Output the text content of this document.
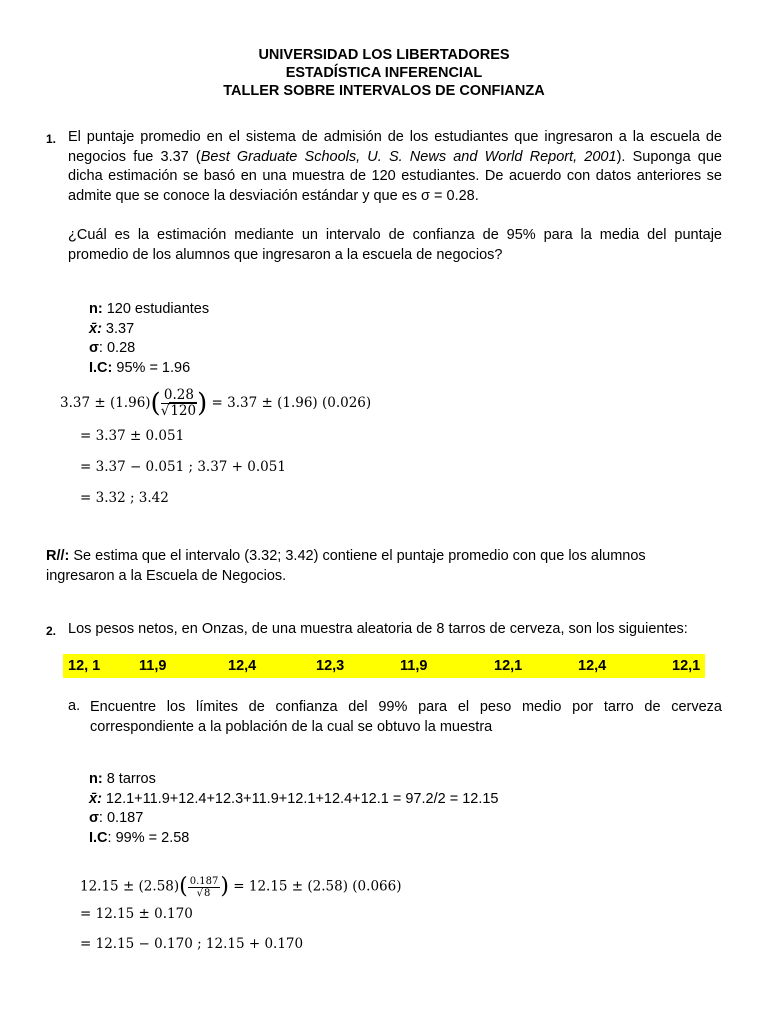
UNIVERSIDAD LOS LIBERTADORES
ESTADÍSTICA INFERENCIAL
TALLER SOBRE INTERVALOS DE CONFIANZA
1. El puntaje promedio en el sistema de admisión de los estudiantes que ingresaron a la escuela de
negocios fue 3.37 (Best Graduate Schools, U. S. News and World Report, 2001). Suponga que
dicha estimación se basó en una muestra de 120 estudiantes. De acuerdo con datos anteriores se
admite que se conoce la desviación estándar y que es σ = 0.28.
¿Cuál es la estimación mediante un intervalo de confianza de 95% para la media del puntaje
promedio de los alumnos que ingresaron a la escuela de negocios?
n: 120 estudiantes
x̄: 3.37
σ: 0.28
I.C: 95% = 1.96
$3.37 \pm (1.96)( \frac{0.28}{√120}$ ) = 3.37 ± (1.96) (0.026)
= 3.37 ± 0.051
= 3.37 − 0.051 ; 3.37 + 0.051
= 3.32 ; 3.42
R//: Se estima que el intervalo (3.32; 3.42) contiene el puntaje promedio con que los alumnos
ingresaron a la Escuela de Negocios.
2. Los pesos netos, en Onzas, de una muestra aleatoria de 8 tarros de cerveza, son los siguientes:
12, 1	11,9	12,4	12,3	11,9	12,1	12,4	12,1
a. Encuentre los límites de confianza del 99% para el peso medio por tarro de cerveza
correspondiente a la población de la cual se obtuvo la muestra
n: 8 tarros
x̄: 12.1+11.9+12.4+12.3+11.9+12.1+12.4+12.1 = 97.2/2 = 12.15
σ: 0.187
I.C: 99% = 2.58
$12.15 \pm (2.58)( \frac{0.187}{√8}$ ) = 12.15 ± (2.58) (0.066)
= 12.15 ± 0.170
= 12.15 − 0.170 ; 12.15 + 0.170
